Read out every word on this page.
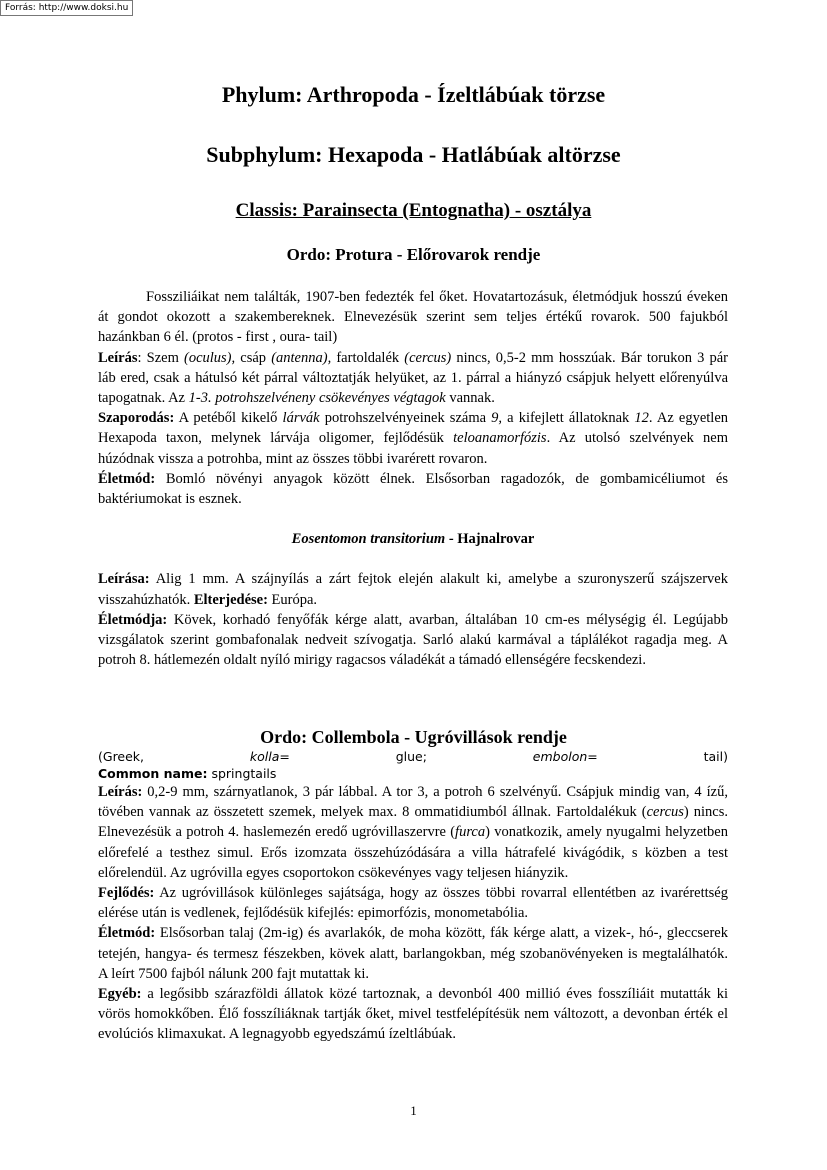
Forrás: http://www.doksi.hu
Phylum: Arthropoda - Ízeltlábúak törzse
Subphylum: Hexapoda - Hatlábúak altörzse
Classis: Parainsecta (Entognatha) - osztálya
Ordo: Protura - Előrovarok rendje

Fossziliáikat nem találták, 1907-ben fedezték fel őket. Hovatartozásuk, életmódjuk hosszú éveken át gondot okozott a szakembereknek. Elnevezésük szerint sem teljes értékű rovarok. 500 fajukból hazánkban 6 él. (protos - first , oura- tail)

Leírás: Szem (oculus), csáp (antenna), fartoldalék (cercus) nincs, 0,5-2 mm hosszúak. Bár torukon 3 pár láb ered, csak a hátulsó két párral változtatják helyüket, az 1. párral a hiányzó csápjuk helyett előrenyúlva tapogatnak. Az 1-3. potrohszelvéneny csökevényes végtagok vannak.

Szaporodás: A petéből kikelő lárvák potrohszelvényeinek száma 9, a kifejlett állatoknak 12. Az egyetlen Hexapoda taxon, melynek lárvája oligomer, fejlődésük teloanamorfózis. Az utolsó szelvények nem húzódnak vissza a potrohba, mint az összes többi ivarérett rovaron.

Életmód: Bomló növényi anyagok között élnek. Elsősorban ragadozók, de gombamicéliumot és baktériumokat is esznek.

Eosentomon transitorium - Hajnalrovar

Leírása: Alig 1 mm. A szájnyílás a zárt fejtok elején alakult ki, amelybe a szuronyszerű szájszervek visszahúzhatók. Elterjedése: Európa.

Életmódja: Kövek, korhadó fenyőfák kérge alatt, avarban, általában 10 cm-es mélységig él. Legújabb vizsgálatok szerint gombafonalak nedveit szívogatja. Sarló alakú karmával a táplálékot ragadja meg. A potroh 8. hátlemezén oldalt nyíló mirigy ragacsos váladékát a támadó ellenségére fecskendezi.

Ordo: Collembola - Ugróvillások rendje
(Greek,	kolla=	glue;	embolon=	tail)
Common name: springtails

Leírás: 0,2-9 mm, szárnyatlanok, 3 pár lábbal. A tor 3, a potroh 6 szelvényű. Csápjuk mindig van, 4 ízű, tövében vannak az összetett szemek, melyek max. 8 ommatidiumból állnak. Fartoldalékuk (cercus) nincs. Elnevezésük a potroh 4. haslemezén eredő ugróvillaszervre (furca) vonatkozik, amely nyugalmi helyzetben előrefelé a testhez simul. Erős izomzata összehúzódására a villa hátrafelé kivágódik, s közben a test előrelendül. Az ugróvilla egyes csoportokon csökevényes vagy teljesen hiányzik.

Fejlődés: Az ugróvillások különleges sajátsága, hogy az összes többi rovarral ellentétben az ivarérettség elérése után is vedlenek, fejlődésük kifejlés: epimorfózis, monometabólia.

Életmód: Elsősorban talaj (2m-ig) és avarlakók, de moha között, fák kérge alatt, a vizek-, hó-, gleccserek tetején, hangya- és termesz fészekben, kövek alatt, barlangokban, még szobanövényeken is megtalálhatók. A leírt 7500 fajból nálunk 200 fajt mutattak ki.

Egyéb: a legősibb szárazföldi állatok közé tartoznak, a devonból 400 millió éves fosszíliáit mutatták ki vörös homokkőben. Élő fosszíliáknak tartják őket, mivel testfelépítésük nem változott, a devonban érték el evolúciós klimaxukat. A legnagyobb egyedszámú ízeltlábúak.

1
